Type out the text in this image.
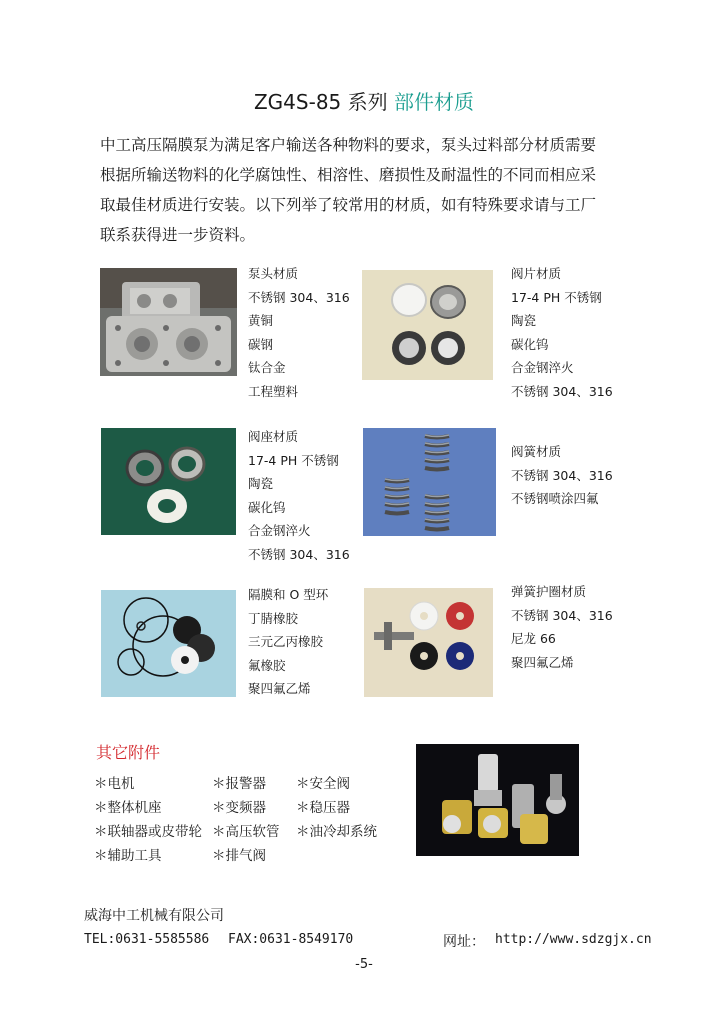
ZG4S-85 系列 部件材质

中工高压隔膜泵为满足客户输送各种物料的要求，泵头过料部分材质需要

根据所输送物料的化学腐蚀性、相溶性、磨损性及耐温性的不同而相应采

取最佳材质进行安装。以下列举了较常用的材质，如有特殊要求请与工厂

联系获得进一步资料。

泵头材质
不锈钢 304、316
黄铜
碳钢
钛合金
工程塑料
阀片材质
17-4 PH 不锈钢
陶瓷
碳化钨
合金钢淬火
不锈钢 304、316
阀座材质
17-4 PH 不锈钢
陶瓷
碳化钨
合金钢淬火
不锈钢 304、316
阀簧材质
不锈钢 304、316
不锈钢喷涂四氟
隔膜和 O 型环
丁腈橡胶
三元乙丙橡胶
氟橡胶
聚四氟乙烯
弹簧护圈材质
不锈钢 304、316
尼龙 66
聚四氟乙烯
其它附件
＊电机	＊报警器 ＊安全阀
＊整体机座	＊变频器 ＊稳压器
＊联轴器或皮带轮 ＊高压软管 ＊油冷却系统
＊辅助工具	＊排气阀
威海中工机械有限公司
TEL:0631-5585586 FAX:0631-8549170	网址： http://www.sdzgjx.cn
-5-
